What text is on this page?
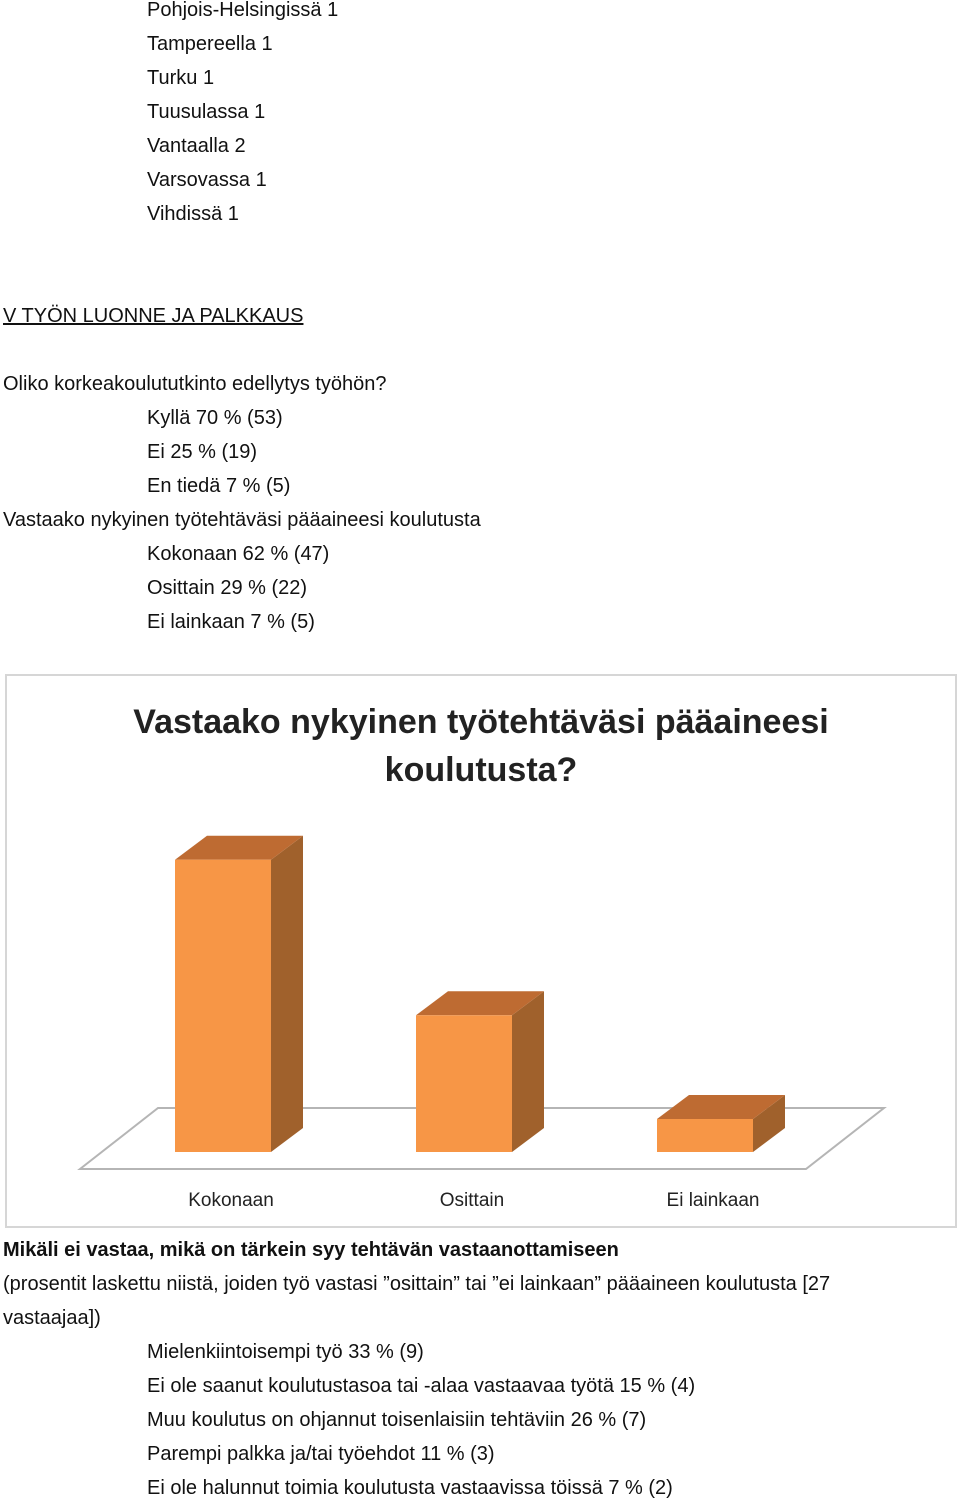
Pohjois-Helsingissä 1
Tampereella 1
Turku 1
Tuusulassa 1
Vantaalla 2
Varsovassa 1
Vihdissä 1
V TYÖN LUONNE JA PALKKAUS
Oliko korkeakoulututkinto edellytys työhön?
Kyllä 70 % (53)
Ei 25 % (19)
En tiedä 7 % (5)
Vastaako nykyinen työtehtäväsi pääaineesi koulutusta
Kokonaan 62 % (47)
Osittain 29 % (22)
Ei lainkaan 7 % (5)
Vastaako nykyinen työtehtäväsi pääaineesi
koulutusta?
Kokonaan	Osittain	Ei lainkaan
Mikäli ei vastaa, mikä on tärkein syy tehtävän vastaanottamiseen
(prosentit laskettu niistä, joiden työ vastasi ”osittain” tai ”ei lainkaan” pääaineen koulutusta [27
vastaajaa])
Mielenkiintoisempi työ 33 % (9)
Ei ole saanut koulutustasoa tai -alaa vastaavaa työtä 15 % (4)
Muu koulutus on ohjannut toisenlaisiin tehtäviin 26 % (7)
Parempi palkka ja/tai työehdot 11 % (3)
Ei ole halunnut toimia koulutusta vastaavissa töissä 7 % (2)
